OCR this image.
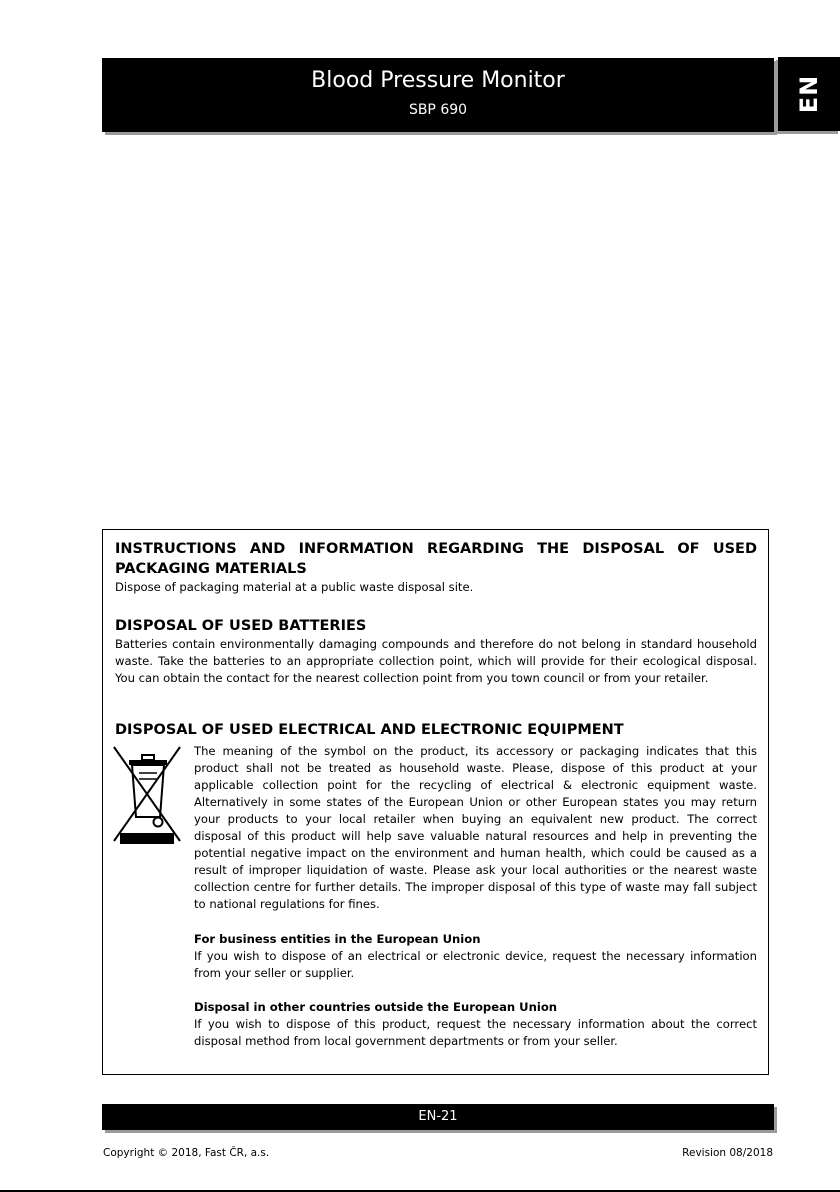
Blood Pressure Monitor
SBP 690	EN
INSTRUCTIONS AND INFORMATION REGARDING THE DISPOSAL OF USED PACKAGING MATERIALS

Dispose of packaging material at a public waste disposal site.

DISPOSAL OF USED BATTERIES

Batteries contain environmentally damaging compounds and therefore do not belong in standard household waste. Take the batteries to an appropriate collection point, which will provide for their ecological disposal. You can obtain the contact for the nearest collection point from you town council or from your retailer.

DISPOSAL OF USED ELECTRICAL AND ELECTRONIC EQUIPMENT

The meaning of the symbol on the product, its accessory or packaging indicates that this product shall not be treated as household waste. Please, dispose of this product at your applicable collection point for the recycling of electrical & electronic equipment waste. Alternatively in some states of the European Union or other European states you may return your products to your local retailer when buying an equivalent new product. The correct disposal of this product will help save valuable natural resources and help in preventing the potential negative impact on the environment and human health, which could be caused as a result of improper liquidation of waste. Please ask your local authorities or the nearest waste collection centre for further details. The improper disposal of this type of waste may fall subject to national regulations for fines.

For business entities in the European Union

If you wish to dispose of an electrical or electronic device, request the necessary information from your seller or supplier.

Disposal in other countries outside the European Union

If you wish to dispose of this product, request the necessary information about the correct disposal method from local government departments or from your seller.

EN-21
Copyright © 2018, Fast ČR, a.s.	Revision 08/2018
